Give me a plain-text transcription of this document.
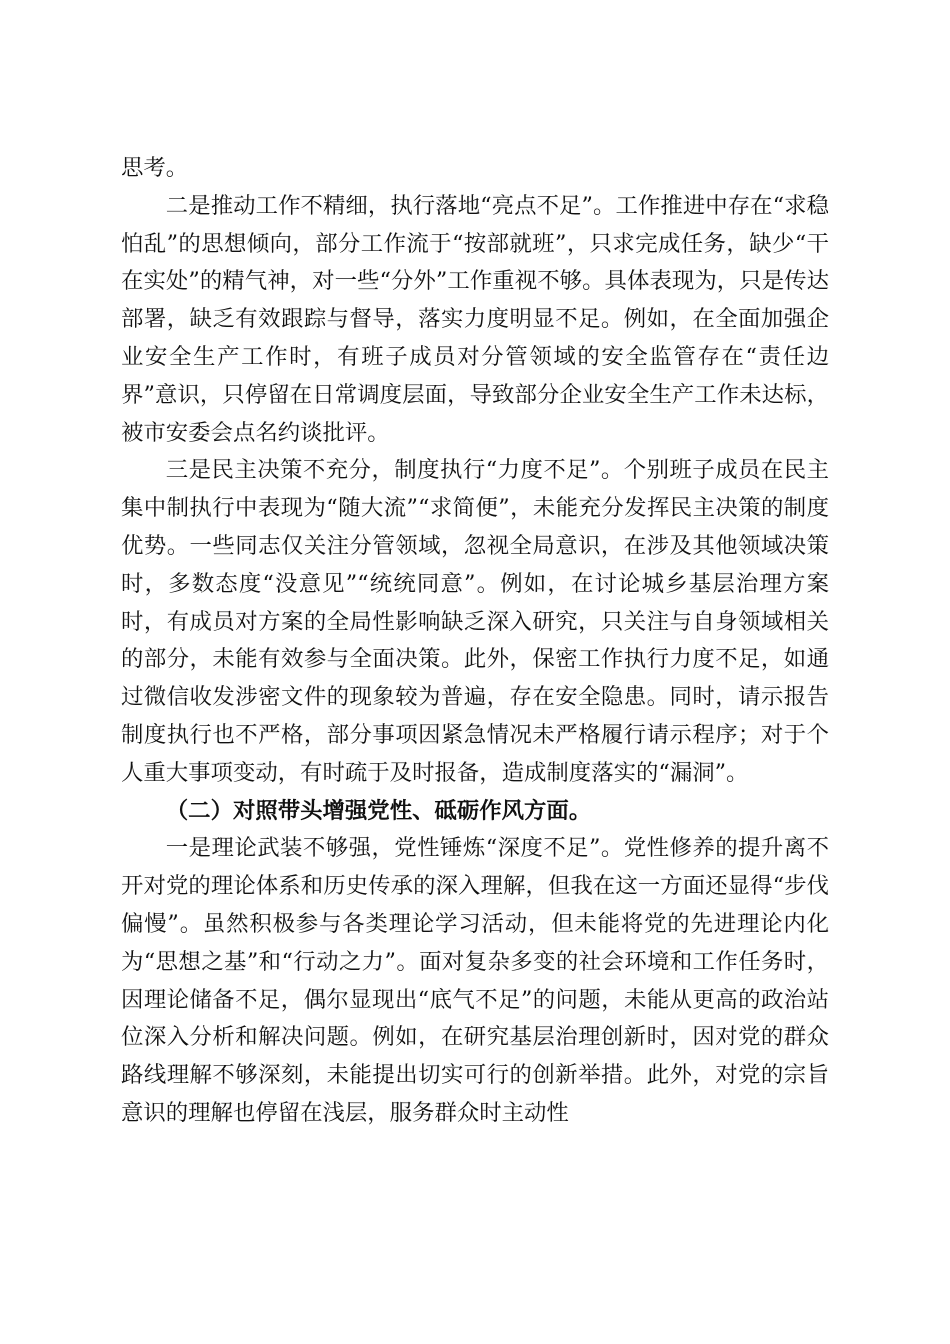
思考。

二是推动工作不精细，执行落地“亮点不足”。工作推进中存在“求稳怕乱”的思想倾向，部分工作流于“按部就班”，只求完成任务，缺少“干在实处”的精气神，对一些“分外”工作重视不够。具体表现为，只是传达部署，缺乏有效跟踪与督导，落实力度明显不足。例如，在全面加强企业安全生产工作时，有班子成员对分管领域的安全监管存在“责任边界”意识，只停留在日常调度层面，导致部分企业安全生产工作未达标，被市安委会点名约谈批评。

三是民主决策不充分，制度执行“力度不足”。个别班子成员在民主集中制执行中表现为“随大流”“求简便”，未能充分发挥民主决策的制度优势。一些同志仅关注分管领域，忽视全局意识，在涉及其他领域决策时，多数态度“没意见”“统统同意”。例如，在讨论城乡基层治理方案时，有成员对方案的全局性影响缺乏深入研究，只关注与自身领域相关的部分，未能有效参与全面决策。此外，保密工作执行力度不足，如通过微信收发涉密文件的现象较为普遍，存在安全隐患。同时，请示报告制度执行也不严格，部分事项因紧急情况未严格履行请示程序；对于个人重大事项变动，有时疏于及时报备，造成制度落实的“漏洞”。

（二）对照带头增强党性、砥砺作风方面。

一是理论武装不够强，党性锤炼“深度不足”。党性修养的提升离不开对党的理论体系和历史传承的深入理解，但我在这一方面还显得“步伐偏慢”。虽然积极参与各类理论学习活动，但未能将党的先进理论内化为“思想之基”和“行动之力”。面对复杂多变的社会环境和工作任务时，因理论储备不足，偶尔显现出“底气不足”的问题，未能从更高的政治站位深入分析和解决问题。例如，在研究基层治理创新时，因对党的群众路线理解不够深刻，未能提出切实可行的创新举措。此外，对党的宗旨意识的理解也停留在浅层，服务群众时主动性
